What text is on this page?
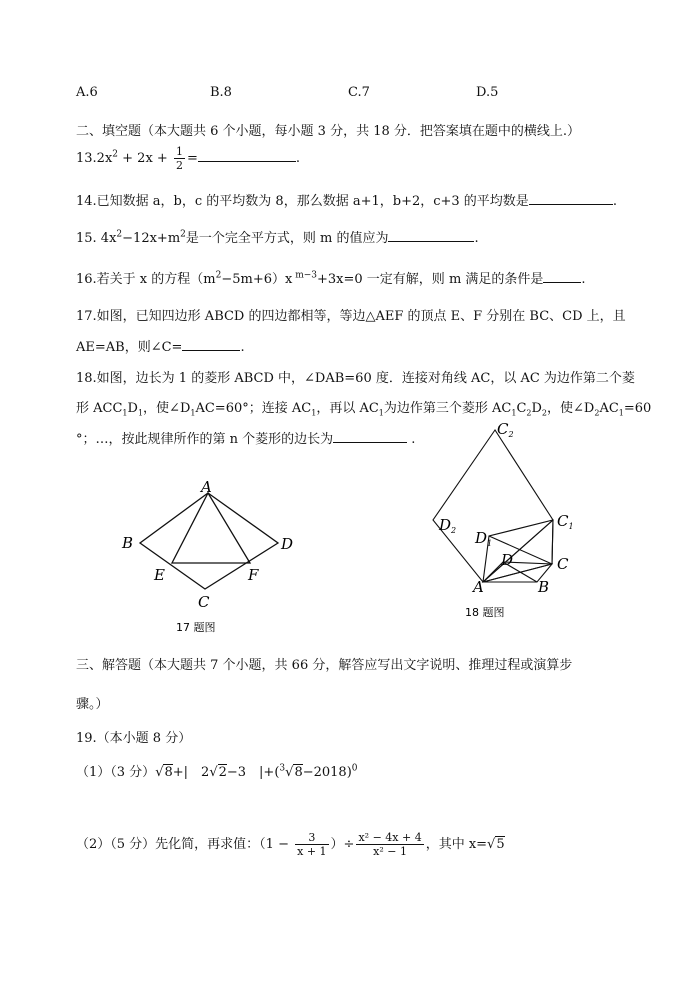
A.6	B.8	C.7	D.5
二、填空题（本大题共 6 个小题，每小题 3 分，共 18 分．把答案填在题中的横线上.）
$13.2x^2 + 2x + \frac{1}{2}$ =	.
14.已知数据 a，b，c 的平均数为 8，那么数据 a+1，b+2，c+3 的平均数是	.
15. $4x^2-12x+m^2$是一个完全平方式，则 m 的值应为	.
16.若关于 x 的方程$(m^2-5m+6)x$ $^{m-3}$+3x=0 一定有解，则 m 满足的条件是	.
17.如图，已知四边形 ABCD 的四边都相等，等边△AEF 的顶点 E、F 分别在 BC、CD 上，且
AE=AB，则∠C=	.
18.如图，边长为 1 的菱形 ABCD 中，∠DAB=60 度．连接对角线 AC，以 AC 为边作第二个菱
形 $ACC_1D_1$，使$\angle D_1AC=60^\circ$；连接 $AC_1$，再以 $AC_1$为边作第三个菱形 $AC_1C_2D_2$，使$\angle D_2AC_1=60$
°；…，按此规律所作的第 n 个菱形的边长为	.
A
B
C
D
E	F
17 题图
$C_2$
$D_2$
$C_1$
$D_1$
D	C
A	B
18 题图
三、解答题（本大题共 7 个小题，共 66 分，解答应写出文字说明、推理过程或演算步
骤。）
19.（本小题 8 分）
（1）（3 分）√8+|　2√2−3　$|+(^3√8-2018)^0$
（2）（5 分）先化简，再求值：（$1 - \frac{3}{x + 1}$ ）÷ $\frac{\text{x² − 4x + 4}}{\text{x² − 1}}$ ，其中 x=√5
